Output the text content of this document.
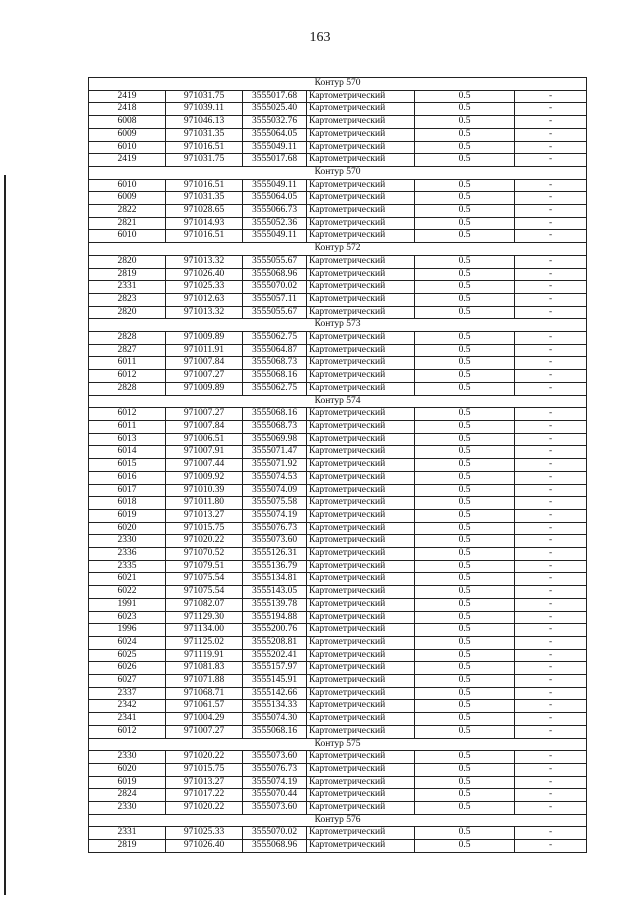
163
Контур 570					
2419	971031.75	3555017.68	Картометрический	0.5	-
2418	971039.11	3555025.40	Картометрический	0.5	-
6008	971046.13	3555032.76	Картометрический	0.5	-
6009	971031.35	3555064.05	Картометрический	0.5	-
6010	971016.51	3555049.11	Картометрический	0.5	-
2419	971031.75	3555017.68	Картометрический	0.5	-
Контур 570					
6010	971016.51	3555049.11	Картометрический	0.5	-
6009	971031.35	3555064.05	Картометрический	0.5	-
2822	971028.65	3555066.73	Картометрический	0.5	-
2821	971014.93	3555052.36	Картометрический	0.5	-
6010	971016.51	3555049.11	Картометрический	0.5	-
Контур 572					
2820	971013.32	3555055.67	Картометрический	0.5	-
2819	971026.40	3555068.96	Картометрический	0.5	-
2331	971025.33	3555070.02	Картометрический	0.5	-
2823	971012.63	3555057.11	Картометрический	0.5	-
2820	971013.32	3555055.67	Картометрический	0.5	-
Контур 573					
2828	971009.89	3555062.75	Картометрический	0.5	-
2827	971011.91	3555064.87	Картометрический	0.5	-
6011	971007.84	3555068.73	Картометрический	0.5	-
6012	971007.27	3555068.16	Картометрический	0.5	-
2828	971009.89	3555062.75	Картометрический	0.5	-
Контур 574					
6012	971007.27	3555068.16	Картометрический	0.5	-
6011	971007.84	3555068.73	Картометрический	0.5	-
6013	971006.51	3555069.98	Картометрический	0.5	-
6014	971007.91	3555071.47	Картометрический	0.5	-
6015	971007.44	3555071.92	Картометрический	0.5	-
6016	971009.92	3555074.53	Картометрический	0.5	-
6017	971010.39	3555074.09	Картометрический	0.5	-
6018	971011.80	3555075.58	Картометрический	0.5	-
6019	971013.27	3555074.19	Картометрический	0.5	-
6020	971015.75	3555076.73	Картометрический	0.5	-
2330	971020.22	3555073.60	Картометрический	0.5	-
2336	971070.52	3555126.31	Картометрический	0.5	-
2335	971079.51	3555136.79	Картометрический	0.5	-
6021	971075.54	3555134.81	Картометрический	0.5	-
6022	971075.54	3555143.05	Картометрический	0.5	-
1991	971082.07	3555139.78	Картометрический	0.5	-
6023	971129.30	3555194.88	Картометрический	0.5	-
1996	971134.00	3555200.76	Картометрический	0.5	-
6024	971125.02	3555208.81	Картометрический	0.5	-
6025	971119.91	3555202.41	Картометрический	0.5	-
6026	971081.83	3555157.97	Картометрический	0.5	-
6027	971071.88	3555145.91	Картометрический	0.5	-
2337	971068.71	3555142.66	Картометрический	0.5	-
2342	971061.57	3555134.33	Картометрический	0.5	-
2341	971004.29	3555074.30	Картометрический	0.5	-
6012	971007.27	3555068.16	Картометрический	0.5	-
Контур 575					
2330	971020.22	3555073.60	Картометрический	0.5	-
6020	971015.75	3555076.73	Картометрический	0.5	-
6019	971013.27	3555074.19	Картометрический	0.5	-
2824	971017.22	3555070.44	Картометрический	0.5	-
2330	971020.22	3555073.60	Картометрический	0.5	-
Контур 576					
2331	971025.33	3555070.02	Картометрический	0.5	-
2819	971026.40	3555068.96	Картометрический	0.5	-
